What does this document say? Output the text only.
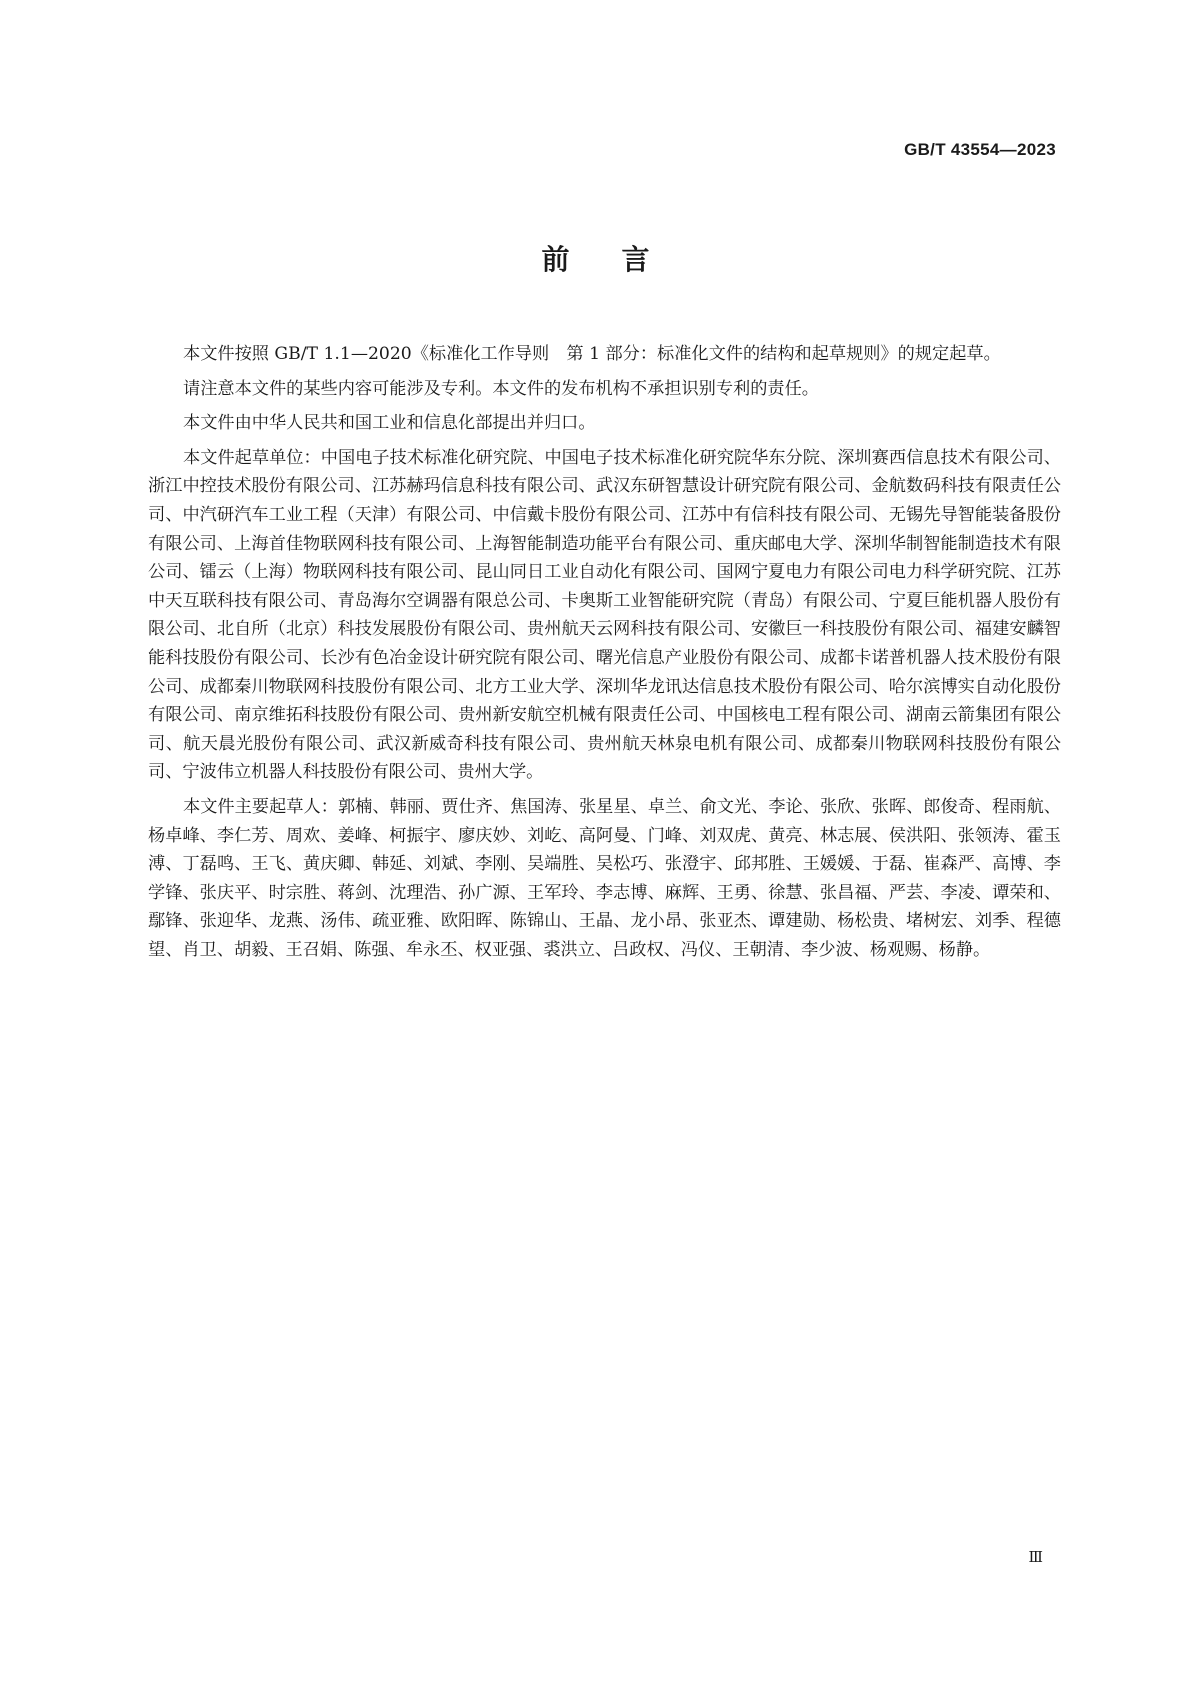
GB/T 43554—2023

前言

本文件按照 GB/T 1.1—2020《标准化工作导则　第 1 部分：标准化文件的结构和起草规则》的规定起草。

请注意本文件的某些内容可能涉及专利。本文件的发布机构不承担识别专利的责任。

本文件由中华人民共和国工业和信息化部提出并归口。

本文件起草单位：中国电子技术标准化研究院、中国电子技术标准化研究院华东分院、深圳赛西信息技术有限公司、浙江中控技术股份有限公司、江苏赫玛信息科技有限公司、武汉东研智慧设计研究院有限公司、金航数码科技有限责任公司、中汽研汽车工业工程（天津）有限公司、中信戴卡股份有限公司、江苏中有信科技有限公司、无锡先导智能装备股份有限公司、上海首佳物联网科技有限公司、上海智能制造功能平台有限公司、重庆邮电大学、深圳华制智能制造技术有限公司、镭云（上海）物联网科技有限公司、昆山同日工业自动化有限公司、国网宁夏电力有限公司电力科学研究院、江苏中天互联科技有限公司、青岛海尔空调器有限总公司、卡奥斯工业智能研究院（青岛）有限公司、宁夏巨能机器人股份有限公司、北自所（北京）科技发展股份有限公司、贵州航天云网科技有限公司、安徽巨一科技股份有限公司、福建安麟智能科技股份有限公司、长沙有色冶金设计研究院有限公司、曙光信息产业股份有限公司、成都卡诺普机器人技术股份有限公司、成都秦川物联网科技股份有限公司、北方工业大学、深圳华龙讯达信息技术股份有限公司、哈尔滨博实自动化股份有限公司、南京维拓科技股份有限公司、贵州新安航空机械有限责任公司、中国核电工程有限公司、湖南云箭集团有限公司、航天晨光股份有限公司、武汉新威奇科技有限公司、贵州航天林泉电机有限公司、成都秦川物联网科技股份有限公司、宁波伟立机器人科技股份有限公司、贵州大学。

本文件主要起草人：郭楠、韩丽、贾仕齐、焦国涛、张星星、卓兰、俞文光、李论、张欣、张晖、郎俊奇、程雨航、杨卓峰、李仁芳、周欢、姜峰、柯振宇、廖庆妙、刘屹、高阿曼、门峰、刘双虎、黄亮、林志展、侯洪阳、张领涛、霍玉溥、丁磊鸣、王飞、黄庆卿、韩延、刘斌、李刚、吴端胜、吴松巧、张澄宇、邱邦胜、王媛媛、于磊、崔森严、高博、李学锋、张庆平、时宗胜、蒋剑、沈理浩、孙广源、王军玲、李志博、麻辉、王勇、徐慧、张昌福、严芸、李凌、谭荣和、鄢锋、张迎华、龙燕、汤伟、疏亚雅、欧阳晖、陈锦山、王晶、龙小昂、张亚杰、谭建勋、杨松贵、堵树宏、刘季、程德望、肖卫、胡毅、王召娟、陈强、牟永丕、权亚强、裘洪立、吕政权、冯仪、王朝清、李少波、杨观赐、杨静。

Ⅲ
